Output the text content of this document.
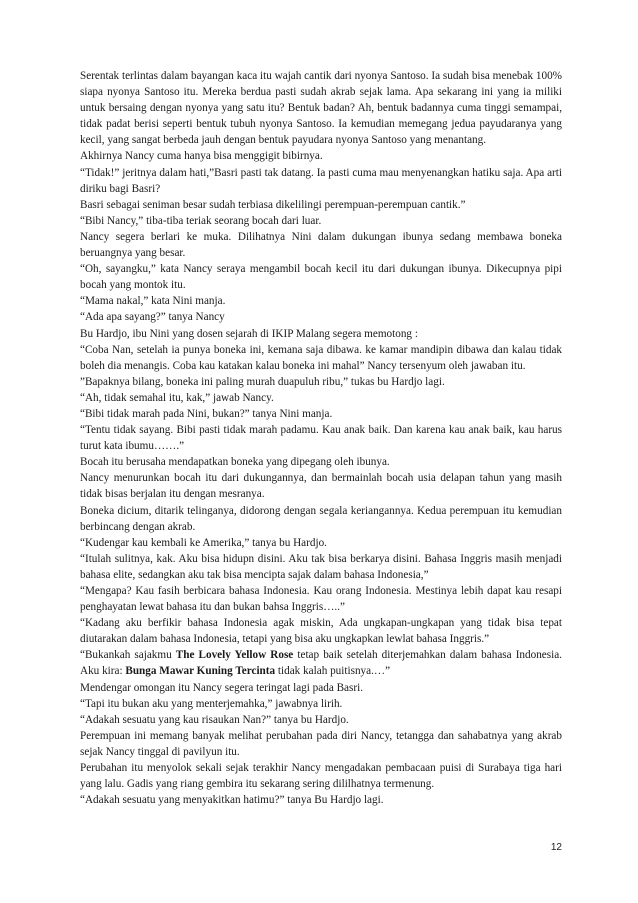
Serentak terlintas dalam bayangan kaca itu wajah cantik dari nyonya Santoso. Ia sudah bisa menebak 100% siapa nyonya Santoso itu. Mereka berdua pasti sudah akrab sejak lama. Apa sekarang ini yang ia miliki untuk bersaing dengan nyonya yang satu itu? Bentuk badan? Ah, bentuk badannya cuma tinggi semampai, tidak padat berisi seperti bentuk tubuh nyonya Santoso. Ia kemudian memegang jedua payudaranya yang kecil, yang sangat berbeda jauh dengan bentuk payudara nyonya Santoso yang menantang.

Akhirnya Nancy cuma hanya bisa menggigit bibirnya.

“Tidak!” jeritnya dalam hati,”Basri pasti tak datang. Ia pasti cuma mau menyenangkan hatiku saja. Apa arti diriku bagi Basri?

Basri sebagai seniman besar sudah terbiasa dikelilingi perempuan-perempuan cantik.”

“Bibi Nancy,” tiba-tiba teriak seorang bocah dari luar.

Nancy segera berlari ke muka. Dilihatnya Nini dalam dukungan ibunya sedang membawa boneka beruangnya yang besar.

“Oh, sayangku,” kata Nancy seraya mengambil bocah kecil itu dari dukungan ibunya. Dikecupnya pipi bocah yang montok itu.

“Mama nakal,” kata Nini manja.

“Ada apa sayang?” tanya Nancy

Bu Hardjo, ibu Nini yang dosen sejarah di IKIP Malang segera memotong :

“Coba Nan, setelah ia punya boneka ini, kemana saja dibawa. ke kamar mandipin dibawa dan kalau tidak boleh dia menangis. Coba kau katakan kalau boneka ini mahal” Nancy tersenyum oleh jawaban itu.

”Bapaknya bilang, boneka ini paling murah duapuluh ribu,” tukas bu Hardjo lagi.

“Ah, tidak semahal itu, kak,” jawab Nancy.

“Bibi tidak marah pada Nini, bukan?” tanya Nini manja.

“Tentu tidak sayang. Bibi pasti tidak marah padamu. Kau anak baik. Dan karena kau anak baik, kau harus turut kata ibumu…….”

Bocah itu berusaha mendapatkan boneka yang dipegang oleh ibunya.

Nancy menurunkan bocah itu dari dukungannya, dan bermainlah bocah usia delapan tahun yang masih tidak bisas berjalan itu dengan mesranya.

Boneka dicium, ditarik telinganya, didorong dengan segala keriangannya. Kedua perempuan itu kemudian berbincang dengan akrab.

“Kudengar kau kembali ke Amerika,” tanya bu Hardjo.

“Itulah sulitnya, kak. Aku bisa hidupn disini. Aku tak bisa berkarya disini. Bahasa Inggris masih menjadi bahasa elite, sedangkan aku tak bisa mencipta sajak dalam bahasa Indonesia,”

“Mengapa? Kau fasih berbicara bahasa Indonesia. Kau orang Indonesia. Mestinya lebih dapat kau resapi penghayatan lewat bahasa itu dan bukan bahsa Inggris…..”

“Kadang aku berfikir bahasa Indonesia agak miskin, Ada ungkapan-ungkapan yang tidak bisa tepat diutarakan dalam bahasa Indonesia, tetapi yang bisa aku ungkapkan lewlat bahasa Inggris.”

“Bukankah sajakmu The Lovely Yellow Rose tetap baik setelah diterjemahkan dalam bahasa Indonesia. Aku kira: Bunga Mawar Kuning Tercinta tidak kalah puitisnya.…”

Mendengar omongan itu Nancy segera teringat lagi pada Basri.

“Tapi itu bukan aku yang menterjemahka,” jawabnya lirih.

“Adakah sesuatu yang kau risaukan Nan?” tanya bu Hardjo.

Perempuan ini memang banyak melihat perubahan pada diri Nancy, tetangga dan sahabatnya yang akrab sejak Nancy tinggal di pavilyun itu.

Perubahan itu menyolok sekali sejak terakhir Nancy mengadakan pembacaan puisi di Surabaya tiga hari yang lalu. Gadis yang riang gembira itu sekarang sering dililhatnya termenung.

“Adakah sesuatu yang menyakitkan hatimu?” tanya Bu Hardjo lagi.

12
